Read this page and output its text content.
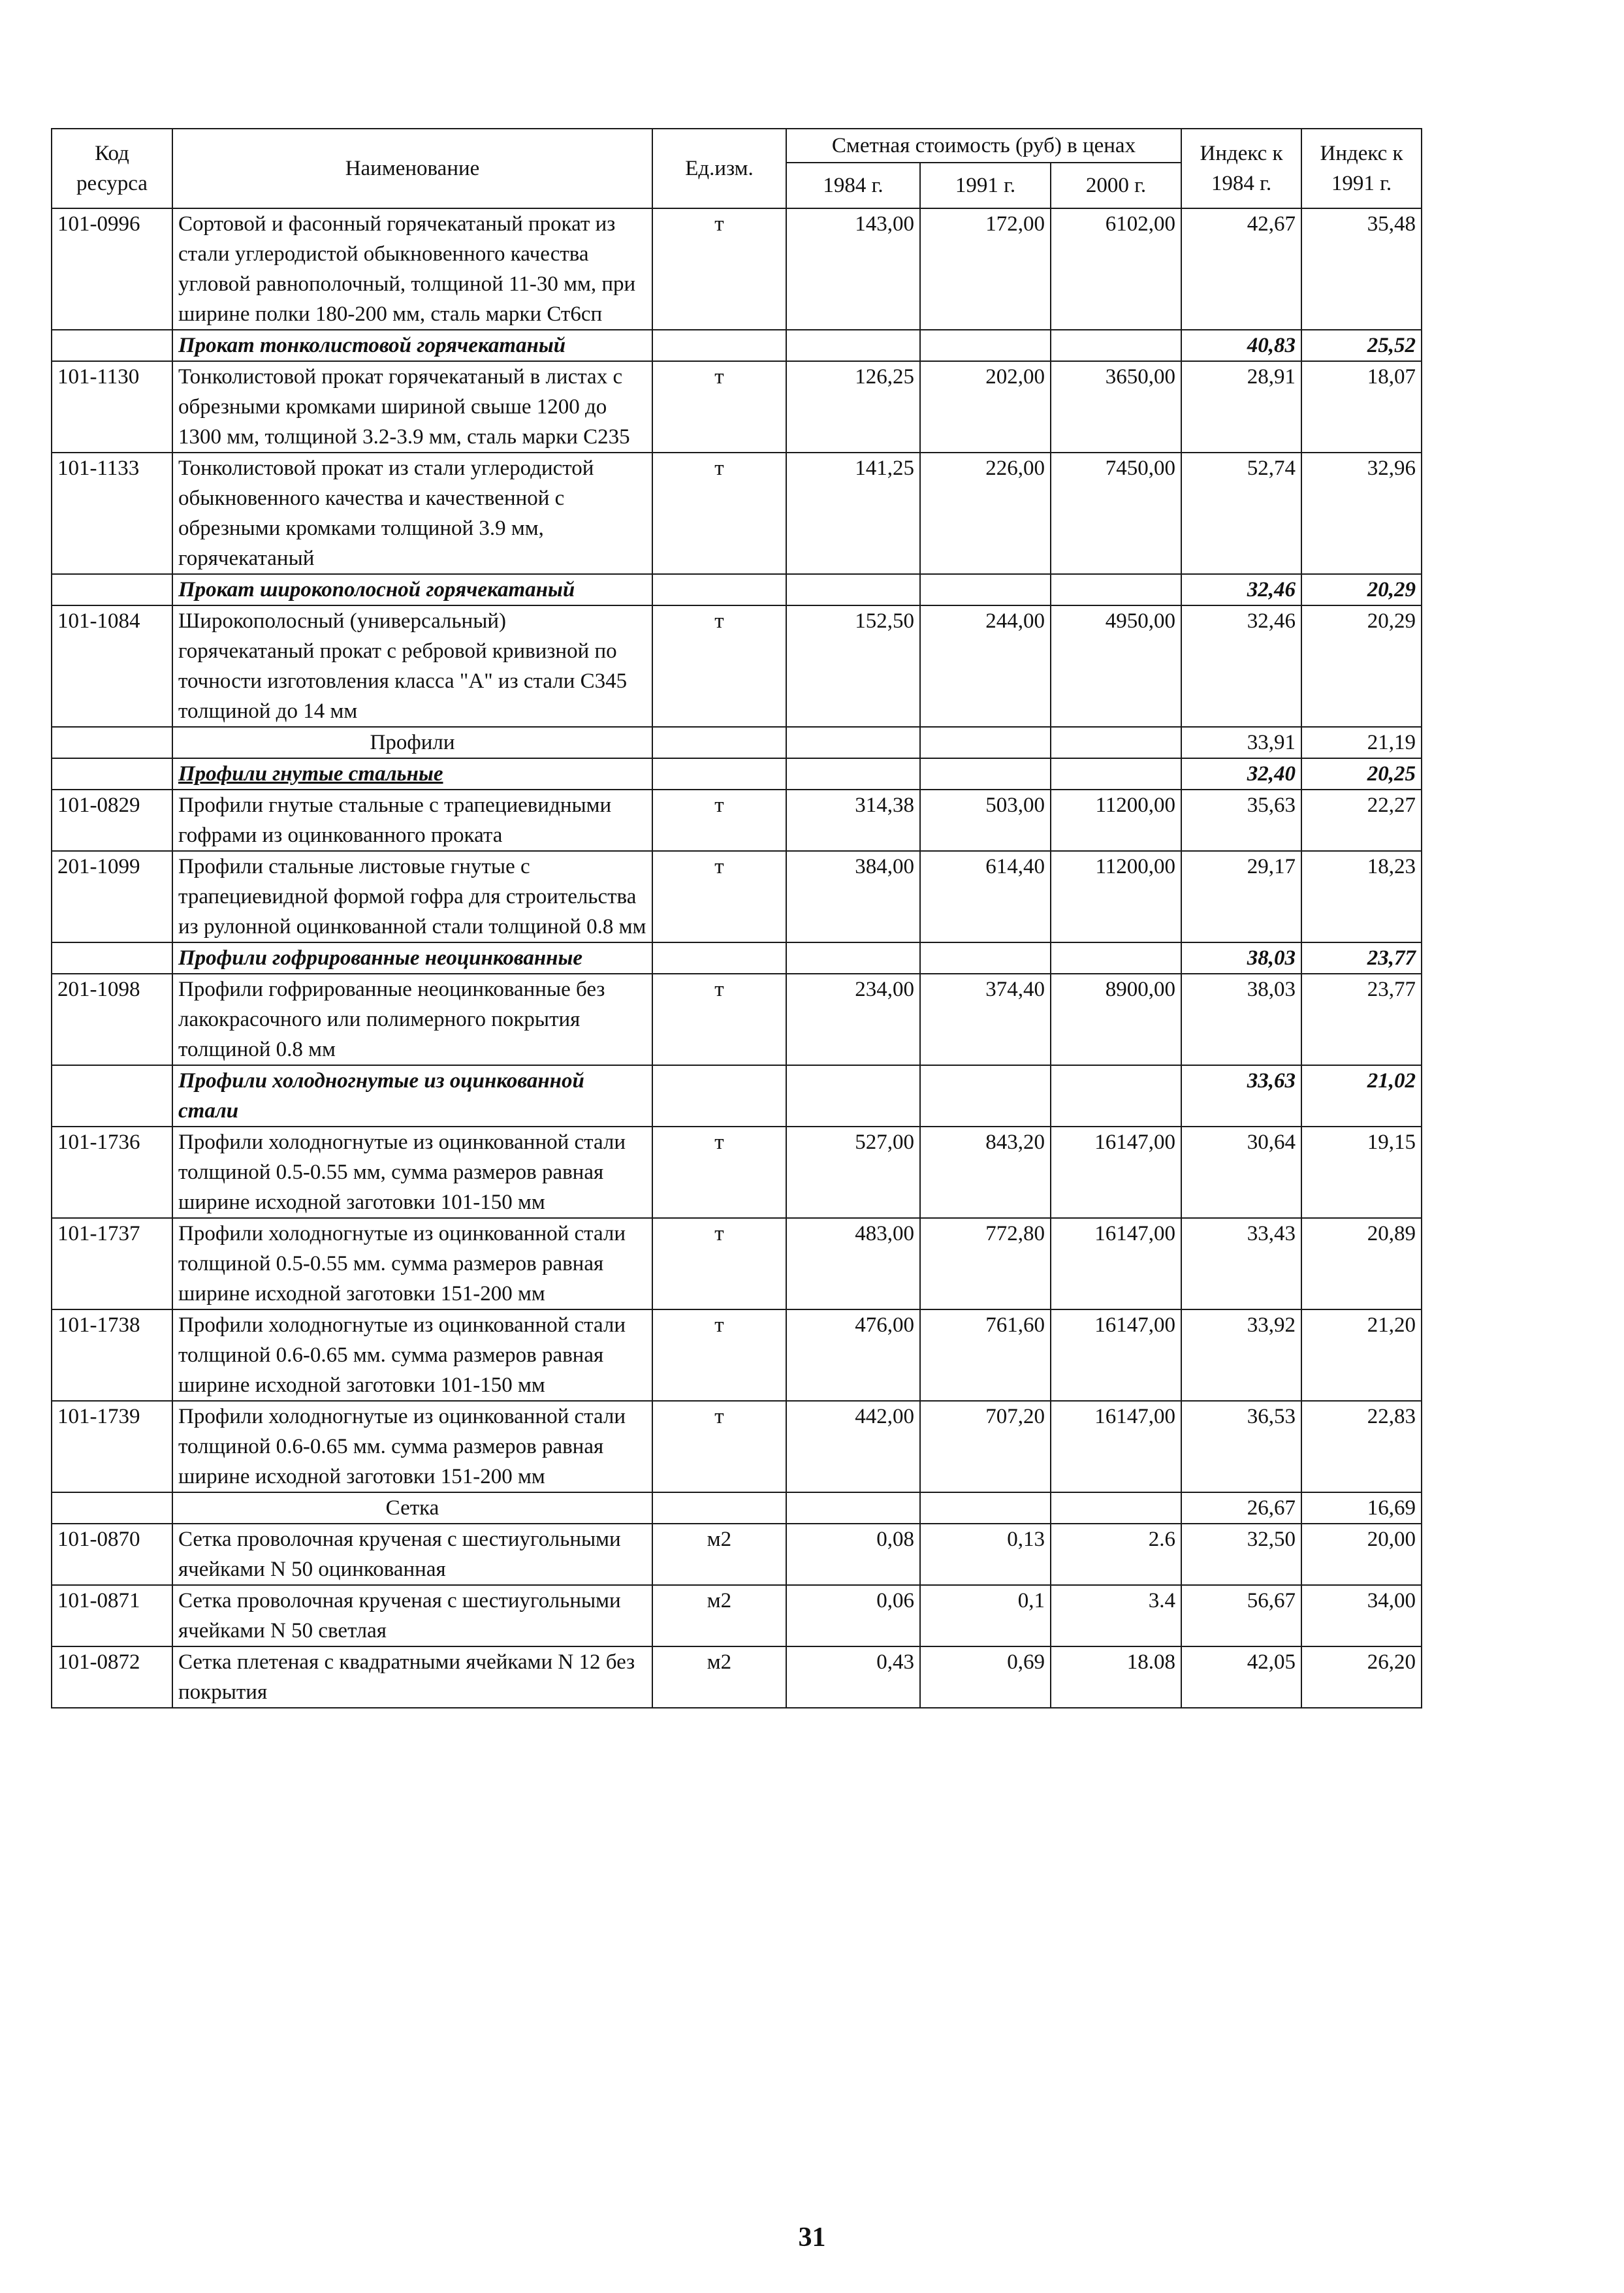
Код ресурса	Наименование	Ед.изм.	Сметная стоимость (руб) в ценах			Индекс к 1984 г.	Индекс к 1991 г.
			1984 г.	1991 г.	2000 г.		
101-0996	Сортовой и фасонный горячекатаный прокат из стали углеродистой обыкновенного качества угловой равнополочный, толщиной 11-30 мм, при ширине полки 180-200 мм, сталь марки Ст6сп	т	143,00	172,00	6102,00	42,67	35,48
	Прокат тонколистовой горячекатаный					40,83	25,52
101-1130	Тонколистовой прокат горячекатаный в листах с обрезными кромками шириной свыше 1200 до 1300 мм, толщиной 3.2-3.9 мм, сталь марки С235	т	126,25	202,00	3650,00	28,91	18,07
101-1133	Тонколистовой прокат из стали углеродистой обыкновенного качества и качественной с обрезными кромками толщиной 3.9 мм, горячекатаный	т	141,25	226,00	7450,00	52,74	32,96
	Прокат широкополосной горячекатаный					32,46	20,29
101-1084	Широкополосный (универсальный) горячекатаный прокат с ребровой кривизной по точности изготовления класса "А" из стали С345 толщиной до 14 мм	т	152,50	244,00	4950,00	32,46	20,29
	Профили					33,91	21,19
	Профили гнутые стальные					32,40	20,25
101-0829	Профили гнутые стальные с трапециевидными гофрами из оцинкованного проката	т	314,38	503,00	11200,00	35,63	22,27
201-1099	Профили стальные листовые гнутые с трапециевидной формой гофра для строительства из рулонной оцинкованной стали толщиной 0.8 мм	т	384,00	614,40	11200,00	29,17	18,23
	Профили гофрированные неоцинкованные					38,03	23,77
201-1098	Профили гофрированные неоцинкованные без лакокрасочного или полимерного покрытия толщиной 0.8 мм	т	234,00	374,40	8900,00	38,03	23,77
	Профили холодногнутые из оцинкованной стали					33,63	21,02
101-1736	Профили холодногнутые из оцинкованной стали толщиной 0.5-0.55 мм, сумма размеров равная ширине исходной заготовки 101-150 мм	т	527,00	843,20	16147,00	30,64	19,15
101-1737	Профили холодногнутые из оцинкованной стали толщиной 0.5-0.55 мм. сумма размеров равная ширине исходной заготовки 151-200 мм	т	483,00	772,80	16147,00	33,43	20,89
101-1738	Профили холодногнутые из оцинкованной стали толщиной 0.6-0.65 мм. сумма размеров равная ширине исходной заготовки 101-150 мм	т	476,00	761,60	16147,00	33,92	21,20
101-1739	Профили холодногнутые из оцинкованной стали толщиной 0.6-0.65 мм. сумма размеров равная ширине исходной заготовки 151-200 мм	т	442,00	707,20	16147,00	36,53	22,83
	Сетка					26,67	16,69
101-0870	Сетка проволочная крученая с шестиугольными ячейками N 50 оцинкованная	м2	0,08	0,13	2.6	32,50	20,00
101-0871	Сетка проволочная крученая с шестиугольными ячейками N 50 светлая	м2	0,06	0,1	3.4	56,67	34,00
101-0872	Сетка плетеная с квадратными ячейками N 12 без покрытия	м2	0,43	0,69	18.08	42,05	26,20
31
